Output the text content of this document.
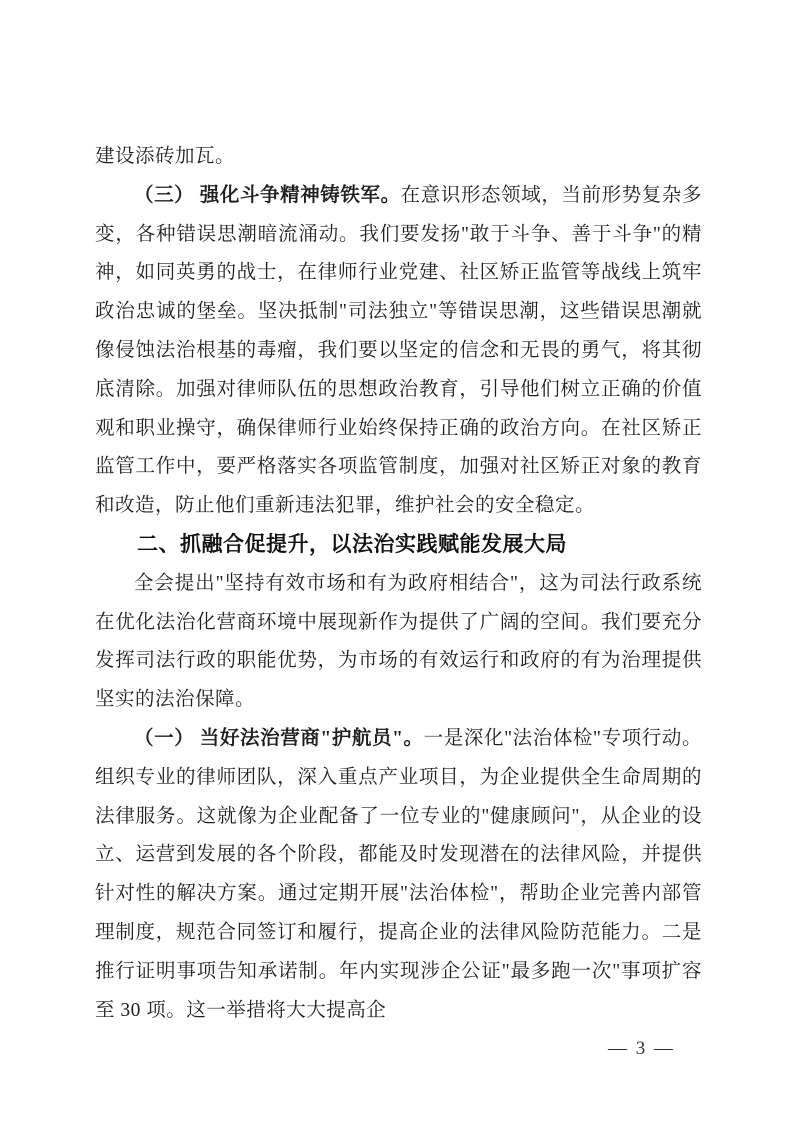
建设添砖加瓦。

（三） 强化斗争精神铸铁军。在意识形态领域，当前形势复杂多变，各种错误思潮暗流涌动。我们要发扬"敢于斗争、善于斗争"的精神，如同英勇的战士，在律师行业党建、社区矫正监管等战线上筑牢政治忠诚的堡垒。坚决抵制"司法独立"等错误思潮，这些错误思潮就像侵蚀法治根基的毒瘤，我们要以坚定的信念和无畏的勇气，将其彻底清除。加强对律师队伍的思想政治教育，引导他们树立正确的价值观和职业操守，确保律师行业始终保持正确的政治方向。在社区矫正监管工作中，要严格落实各项监管制度，加强对社区矫正对象的教育和改造，防止他们重新违法犯罪，维护社会的安全稳定。

二、抓融合促提升，以法治实践赋能发展大局

全会提出"坚持有效市场和有为政府相结合"，这为司法行政系统在优化法治化营商环境中展现新作为提供了广阔的空间。我们要充分发挥司法行政的职能优势，为市场的有效运行和政府的有为治理提供坚实的法治保障。

（一） 当好法治营商"护航员"。一是深化"法治体检"专项行动。组织专业的律师团队，深入重点产业项目，为企业提供全生命周期的法律服务。这就像为企业配备了一位专业的"健康顾问"，从企业的设立、运营到发展的各个阶段，都能及时发现潜在的法律风险，并提供针对性的解决方案。通过定期开展"法治体检"，帮助企业完善内部管理制度，规范合同签订和履行，提高企业的法律风险防范能力。二是推行证明事项告知承诺制。年内实现涉企公证"最多跑一次"事项扩容至 30 项。这一举措将大大提高企

— 3 —
